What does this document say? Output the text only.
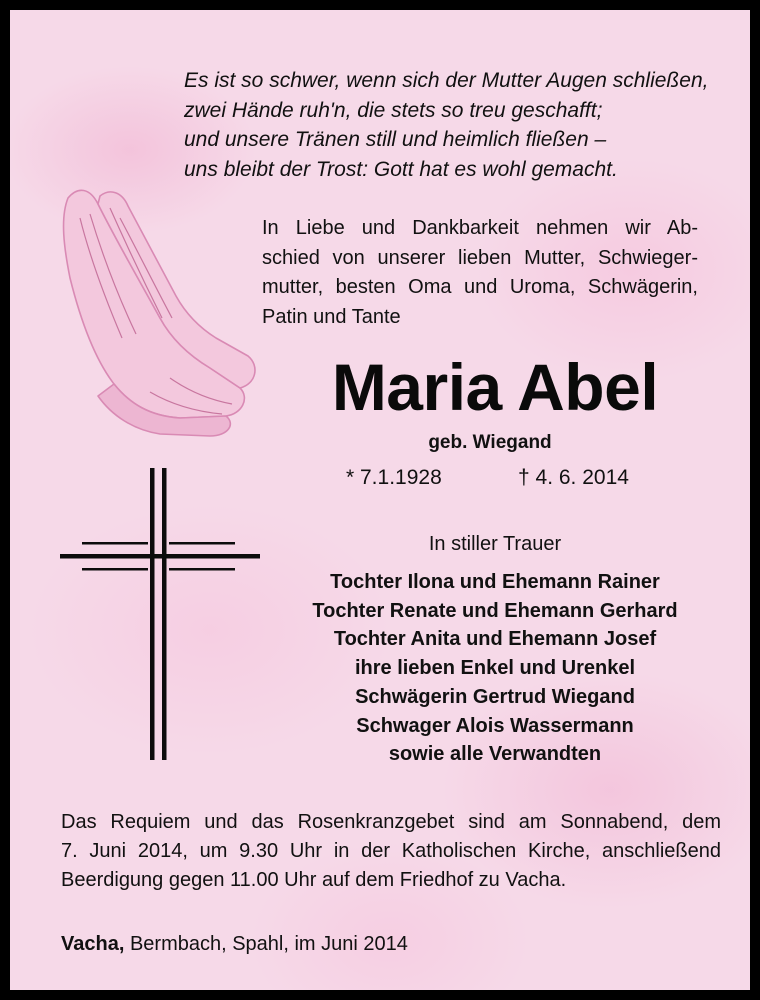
Es ist so schwer, wenn sich der Mutter Augen schließen,
zwei Hände ruh'n, die stets so treu geschafft;
und unsere Tränen still und heimlich fließen –
uns bleibt der Trost: Gott hat es wohl gemacht.
In Liebe und Dankbarkeit nehmen wir Ab-
schied von unserer lieben Mutter, Schwieger-
mutter, besten Oma und Uroma, Schwägerin,
Patin und Tante
Maria Abel
geb. Wiegand
* 7.1.1928	† 4. 6. 2014
In stiller Trauer
Tochter Ilona und Ehemann Rainer
Tochter Renate und Ehemann Gerhard
Tochter Anita und Ehemann Josef
ihre lieben Enkel und Urenkel
Schwägerin Gertrud Wiegand
Schwager Alois Wassermann
sowie alle Verwandten
Das Requiem und das Rosenkranzgebet sind am Sonnabend, dem
7. Juni 2014, um 9.30 Uhr in der Katholischen Kirche, anschließend
Beerdigung gegen 11.00 Uhr auf dem Friedhof zu Vacha.
Vacha, Bermbach, Spahl, im Juni 2014
